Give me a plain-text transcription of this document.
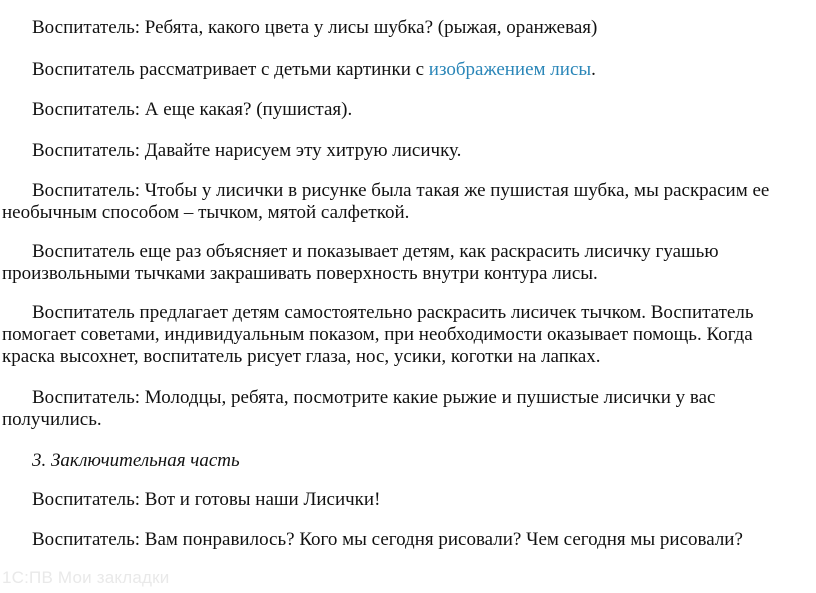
Воспитатель: Ребята, какого цвета у лисы шубка? (рыжая, оранжевая)

Воспитатель рассматривает с детьми картинки с изображением лисы.

Воспитатель: А еще какая? (пушистая).

Воспитатель: Давайте нарисуем эту хитрую лисичку.

Воспитатель: Чтобы у лисички в рисунке была такая же пушистая шубка, мы раскрасим ее необычным способом – тычком, мятой салфеткой.

Воспитатель еще раз объясняет и показывает детям, как раскрасить лисичку гуашью произвольными тычками закрашивать поверхность внутри контура лисы.

Воспитатель предлагает детям самостоятельно раскрасить лисичек тычком. Воспитатель помогает советами, индивидуальным показом, при необходимости оказывает помощь. Когда краска высохнет, воспитатель рисует глаза, нос, усики, коготки на лапках.

Воспитатель: Молодцы, ребята, посмотрите какие рыжие и пушистые лисички у вас получились.

3. Заключительная часть

Воспитатель: Вот и готовы наши Лисички!

Воспитатель: Вам понравилось? Кого мы сегодня рисовали? Чем сегодня мы рисовали?

1С:ПВ Мои закладки
